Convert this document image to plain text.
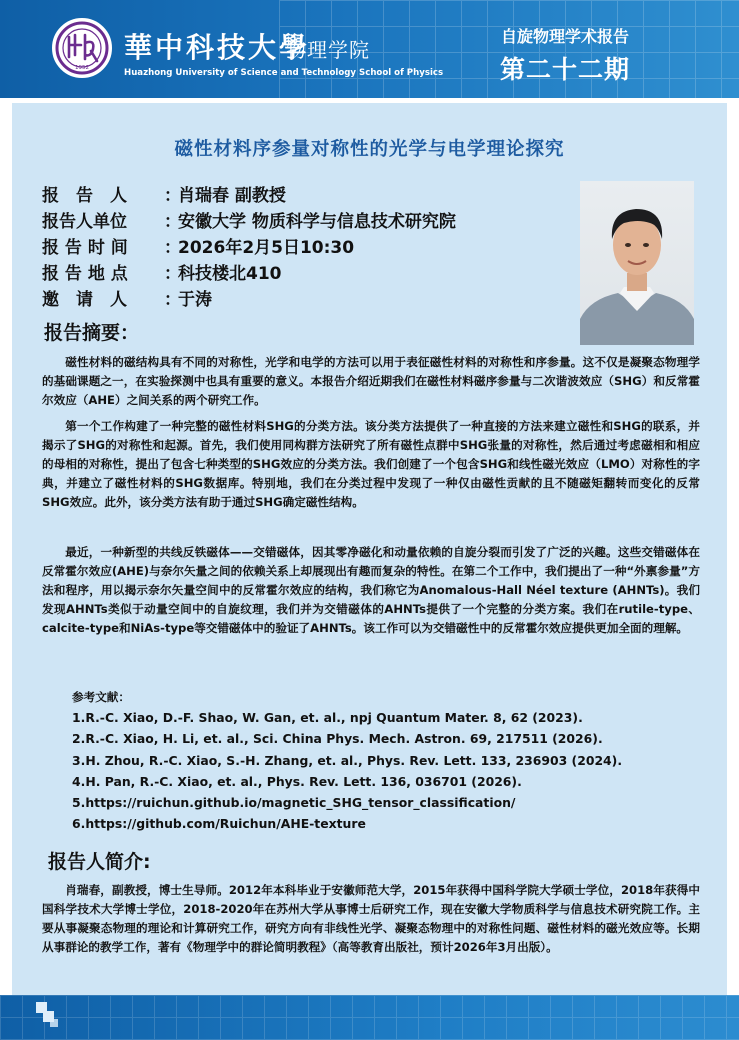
1952
華中科技大學
物理学院
Huazhong University of Science and Technology School of Physics
自旋物理学术报告
第二十二期
磁性材料序参量对称性的光学与电学理论探究
报　告　人 ：肖瑞春 副教授
报告人单位 ：安徽大学 物质科学与信息技术研究院
报 告 时 间 ：2026年2月5日10:30
报 告 地 点 ：科技楼北410
邀　请　人 ：于涛
报告摘要：

磁性材料的磁结构具有不同的对称性，光学和电学的方法可以用于表征磁性材料的对称性和序参量。这不仅是凝聚态物理学的基础课题之一，在实验探测中也具有重要的意义。本报告介绍近期我们在磁性材料磁序参量与二次谐波效应（SHG）和反常霍尔效应（AHE）之间关系的两个研究工作。

第一个工作构建了一种完整的磁性材料SHG的分类方法。该分类方法提供了一种直接的方法来建立磁性和SHG的联系，并揭示了SHG的对称性和起源。首先，我们使用同构群方法研究了所有磁性点群中SHG张量的对称性，然后通过考虑磁相和相应的母相的对称性，提出了包含七种类型的SHG效应的分类方法。我们创建了一个包含SHG和线性磁光效应（LMO）对称性的字典，并建立了磁性材料的SHG数据库。特别地，我们在分类过程中发现了一种仅由磁性贡献的且不随磁矩翻转而变化的反常SHG效应。此外，该分类方法有助于通过SHG确定磁性结构。

最近，一种新型的共线反铁磁体——交错磁体，因其零净磁化和动量依赖的自旋分裂而引发了广泛的兴趣。这些交错磁体在反常霍尔效应(AHE)与奈尔矢量之间的依赖关系上却展现出有趣而复杂的特性。在第二个工作中，我们提出了一种“外禀参量”方法和程序，用以揭示奈尔矢量空间中的反常霍尔效应的结构，我们称它为Anomalous-Hall Néel texture (AHNTs)。我们发现AHNTs类似于动量空间中的自旋纹理，我们并为交错磁体的AHNTs提供了一个完整的分类方案。我们在rutile-type、calcite-type和NiAs-type等交错磁体中的验证了AHNTs。该工作可以为交错磁性中的反常霍尔效应提供更加全面的理解。

参考文献：

1.R.-C. Xiao, D.-F. Shao, W. Gan, et. al., npj Quantum Mater. 8, 62 (2023).

2.R.-C. Xiao, H. Li, et. al., Sci. China Phys. Mech. Astron. 69, 217511 (2026).

3.H. Zhou, R.-C. Xiao, S.-H. Zhang, et. al., Phys. Rev. Lett. 133, 236903 (2024).

4.H. Pan, R.-C. Xiao, et. al., Phys. Rev. Lett. 136, 036701 (2026).

5.https://ruichun.github.io/magnetic_SHG_tensor_classification/

6.https://github.com/Ruichun/AHE-texture

报告人简介:

肖瑞春，副教授，博士生导师。2012年本科毕业于安徽师范大学，2015年获得中国科学院大学硕士学位，2018年获得中国科学技术大学博士学位，2018-2020年在苏州大学从事博士后研究工作，现在安徽大学物质科学与信息技术研究院工作。主要从事凝聚态物理的理论和计算研究工作，研究方向有非线性光学、凝聚态物理中的对称性问题、磁性材料的磁光效应等。长期从事群论的教学工作，著有《物理学中的群论简明教程》（高等教育出版社，预计2026年3月出版）。
